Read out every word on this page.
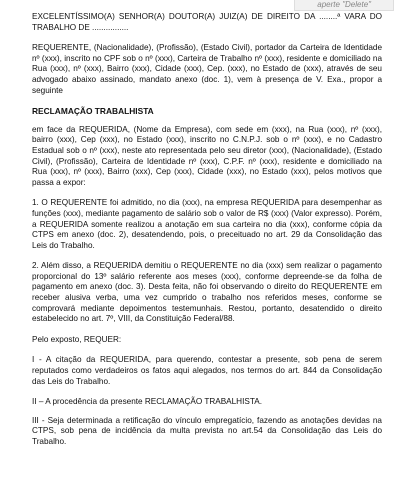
aperte "Delete"

EXCELENTÍSSIMO(A) SENHOR(A) DOUTOR(A) JUIZ(A) DE DIREITO DA ........ª VARA DO TRABALHO DE ................

REQUERENTE, (Nacionalidade), (Profissão), (Estado Civil), portador da Carteira de Identidade nº (xxx), inscrito no CPF sob o nº (xxx), Carteira de Trabalho nº (xxx), residente e domiciliado na Rua (xxx), nº (xxx), Bairro (xxx), Cidade (xxx), Cep. (xxx), no Estado de (xxx), através de seu advogado abaixo assinado, mandato anexo (doc. 1), vem à presença de V. Exa., propor a seguinte

RECLAMAÇÃO TRABALHISTA

em face da REQUERIDA, (Nome da Empresa), com sede em (xxx), na Rua (xxx), nº (xxx), bairro (xxx), Cep (xxx), no Estado (xxx), inscrito no C.N.P.J. sob o nº (xxx), e no Cadastro Estadual sob o nº (xxx), neste ato representada pelo seu diretor (xxx), (Nacionalidade), (Estado Civil), (Profissão), Carteira de Identidade nº (xxx), C.P.F. nº (xxx), residente e domiciliado na Rua (xxx), nº (xxx), Bairro (xxx), Cep (xxx), Cidade (xxx), no Estado (xxx), pelos motivos que passa a expor:

1. O REQUERENTE foi admitido, no dia (xxx), na empresa REQUERIDA para desempenhar as funções (xxx), mediante pagamento de salário sob o valor de R$ (xxx) (Valor expresso). Porém, a REQUERIDA somente realizou a anotação em sua carteira no dia (xxx), conforme cópia da CTPS em anexo (doc. 2), desatendendo, pois, o preceituado no art. 29 da Consolidação das Leis do Trabalho.

2. Além disso, a REQUERIDA demitiu o REQUERENTE no dia (xxx) sem realizar o pagamento proporcional do 13º salário referente aos meses (xxx), conforme depreende-se da folha de pagamento em anexo (doc. 3). Desta feita, não foi observando o direito do REQUERENTE em receber alusiva verba, uma vez cumprido o trabalho nos referidos meses, conforme se comprovará mediante depoimentos testemunhais. Restou, portanto, desatendido o direito estabelecido no art. 7º, VIII, da Constituição Federal/88.

Pelo exposto, REQUER:

I - A citação da REQUERIDA, para querendo, contestar a presente, sob pena de serem reputados como verdadeiros os fatos aqui alegados, nos termos do art. 844 da Consolidação das Leis do Trabalho.

II – A procedência da presente RECLAMAÇÃO TRABALHISTA.

III - Seja determinada a retificação do vínculo empregatício, fazendo as anotações devidas na CTPS, sob pena de incidência da multa prevista no art.54 da Consolidação das Leis do Trabalho.
